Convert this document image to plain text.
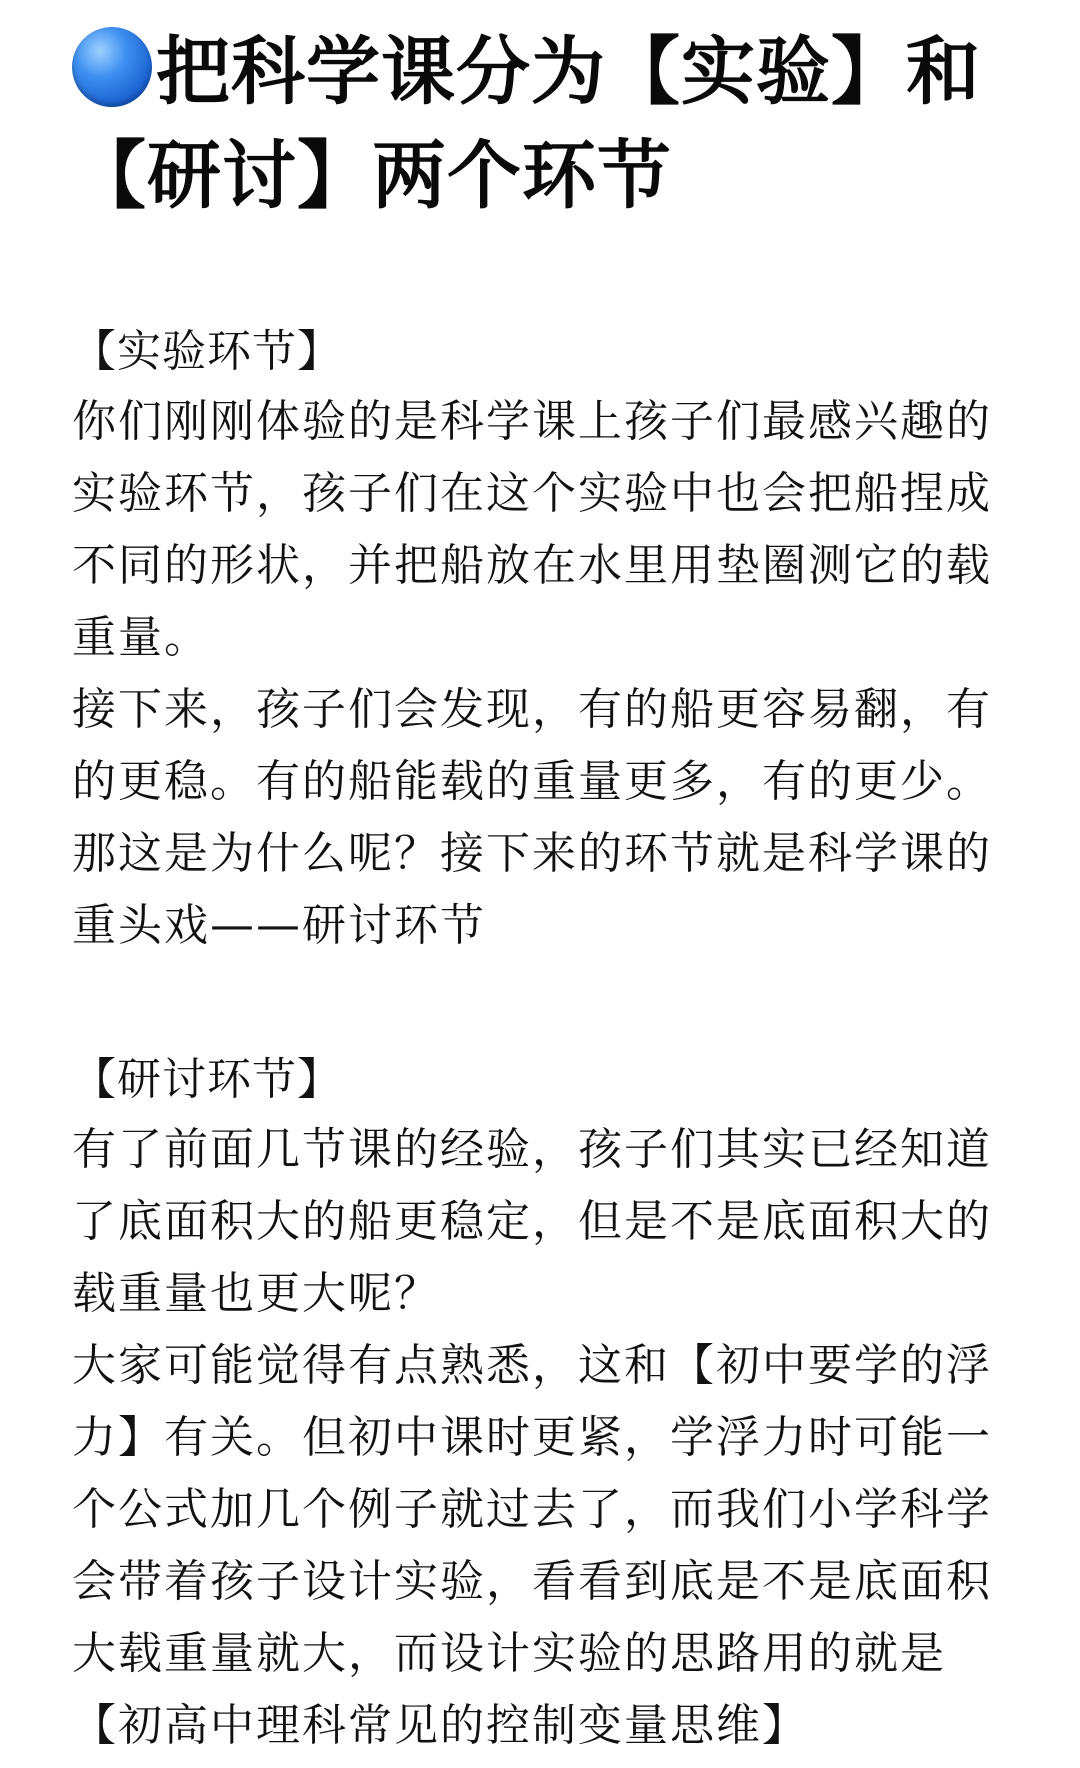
把科学课分为【实验】和【研讨】两个环节

【实验环节】

你们刚刚体验的是科学课上孩子们最感兴趣的实验环节，孩子们在这个实验中也会把船捏成不同的形状，并把船放在水里用垫圈测它的载重量。

接下来，孩子们会发现，有的船更容易翻，有的更稳。有的船能载的重量更多，有的更少。那这是为什么呢？接下来的环节就是科学课的重头戏——研讨环节

【研讨环节】

有了前面几节课的经验，孩子们其实已经知道了底面积大的船更稳定，但是不是底面积大的载重量也更大呢？

大家可能觉得有点熟悉，这和【初中要学的浮力】有关。但初中课时更紧，学浮力时可能一个公式加几个例子就过去了，而我们小学科学会带着孩子设计实验，看看到底是不是底面积大载重量就大，而设计实验的思路用的就是【初高中理科常见的控制变量思维】
